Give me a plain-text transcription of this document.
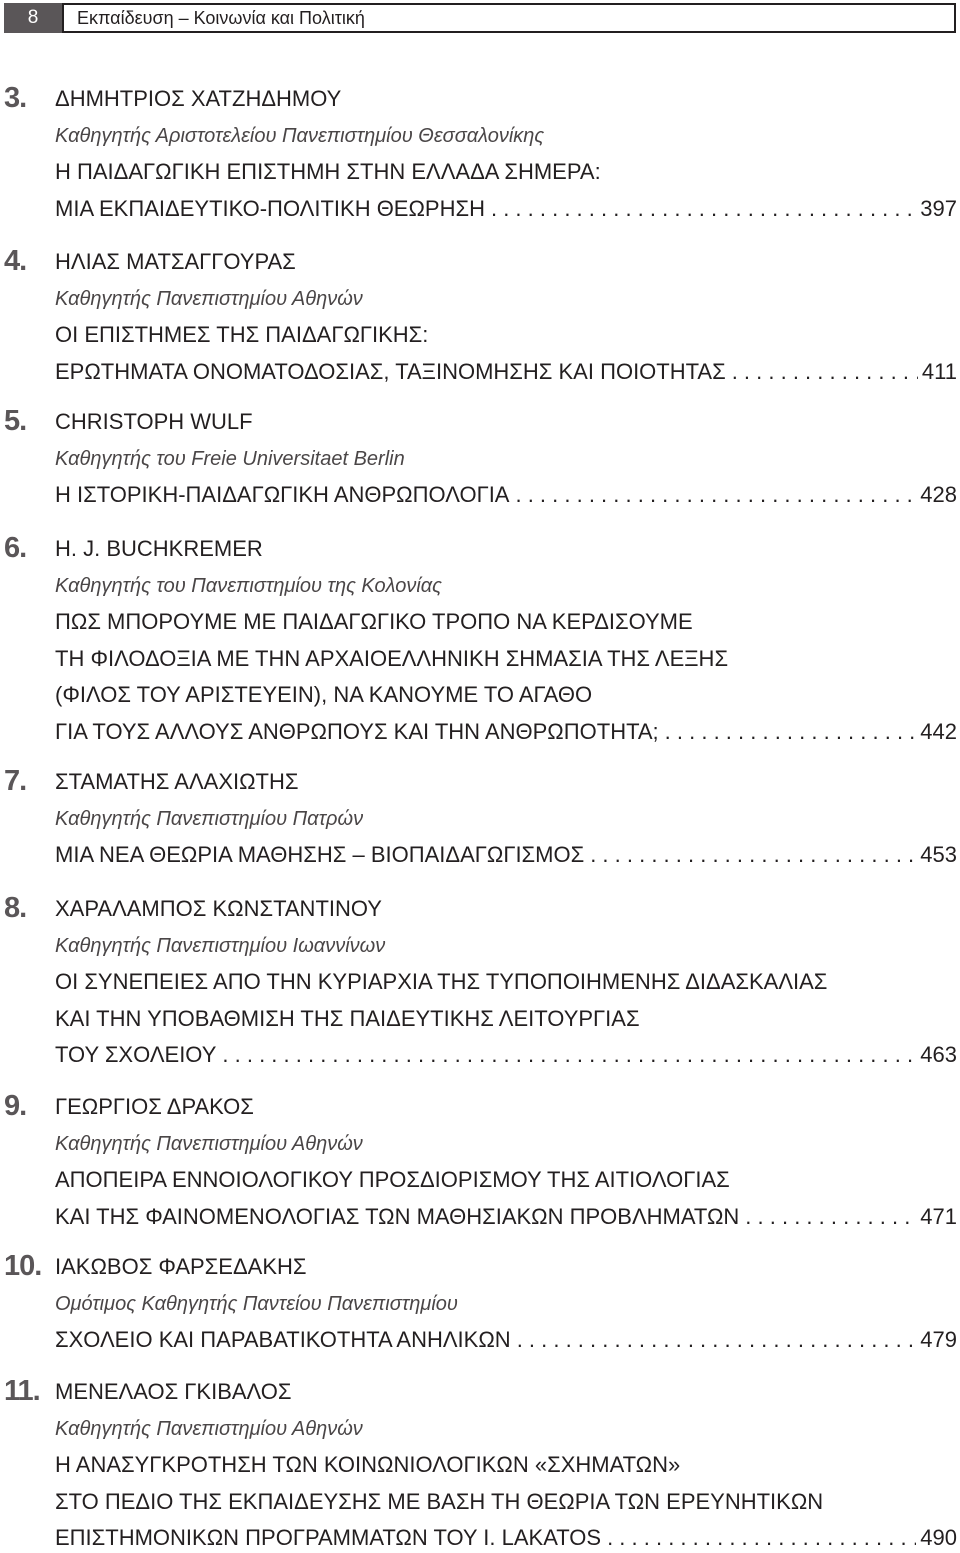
8	Εκπαίδευση – Κοινωνία και Πολιτική
3. ΔΗΜΗΤΡΙΟΣ ΧΑΤΖΗΔΗΜΟΥ
Καθηγητής Αριστοτελείου Πανεπιστημίου Θεσσαλονίκης
Η ΠΑΙΔΑΓΩΓΙΚΗ ΕΠΙΣΤΗΜΗ ΣΤΗΝ ΕΛΛΑΔΑ ΣΗΜΕΡΑ:
ΜΙΑ ΕΚΠΑΙΔΕΥΤΙΚΟ-ΠΟΛΙΤΙΚΗ ΘΕΩΡΗΣΗ . . .	397
4. ΗΛΙΑΣ ΜΑΤΣΑΓΓΟΥΡΑΣ
Καθηγητής Πανεπιστημίου Αθηνών
ΟΙ ΕΠΙΣΤΗΜΕΣ ΤΗΣ ΠΑΙΔΑΓΩΓΙΚΗΣ:
ΕΡΩΤΗΜΑΤΑ ΟΝΟΜΑΤΟΔΟΣΙΑΣ, ΤΑΞΙΝΟΜΗΣΗΣ ΚΑΙ ΠΟΙΟΤΗΤΑΣ . . .	411
5. CHRISTOPH WULF
Καθηγητής του Freie Universitaet Berlin
Η ΙΣΤΟΡΙΚΗ-ΠΑΙΔΑΓΩΓΙΚΗ ΑΝΘΡΩΠΟΛΟΓΙΑ . . .	428
6. H. J. BUCHKREMER
Καθηγητής του Πανεπιστημίου της Κολονίας
ΠΩΣ ΜΠΟΡΟΥΜΕ ΜΕ ΠΑΙΔΑΓΩΓΙΚΟ ΤΡΟΠΟ ΝΑ ΚΕΡΔΙΣΟΥΜΕ
ΤΗ ΦΙΛΟΔΟΞΙΑ ΜΕ ΤΗΝ ΑΡΧΑΙΟΕΛΛΗΝΙΚΗ ΣΗΜΑΣΙΑ ΤΗΣ ΛΕΞΗΣ
(ΦΙΛΟΣ ΤΟΥ ΑΡΙΣΤΕΥΕΙΝ), ΝΑ ΚΑΝΟΥΜΕ ΤΟ ΑΓΑΘΟ
ΓΙΑ ΤΟΥΣ ΑΛΛΟΥΣ ΑΝΘΡΩΠΟΥΣ ΚΑΙ ΤΗΝ ΑΝΘΡΩΠΟΤΗΤΑ; . . .	442
7. ΣΤΑΜΑΤΗΣ ΑΛΑΧΙΩΤΗΣ
Καθηγητής Πανεπιστημίου Πατρών
ΜΙΑ ΝΕΑ ΘΕΩΡΙΑ ΜΑΘΗΣΗΣ – ΒΙΟΠΑΙΔΑΓΩΓΙΣΜΟΣ . . .	453
8. ΧΑΡΑΛΑΜΠΟΣ ΚΩΝΣΤΑΝΤΙΝΟΥ
Καθηγητής Πανεπιστημίου Ιωαννίνων
ΟΙ ΣΥΝΕΠΕΙΕΣ ΑΠΟ ΤΗΝ ΚΥΡΙΑΡΧΙΑ ΤΗΣ ΤΥΠΟΠΟΙΗΜΕΝΗΣ ΔΙΔΑΣΚΑΛΙΑΣ
ΚΑΙ ΤΗΝ ΥΠΟΒΑΘΜΙΣΗ ΤΗΣ ΠΑΙΔΕΥΤΙΚΗΣ ΛΕΙΤΟΥΡΓΙΑΣ
ΤΟΥ ΣΧΟΛΕΙΟΥ . . .	463
9. ΓΕΩΡΓΙΟΣ ΔΡΑΚΟΣ
Καθηγητής Πανεπιστημίου Αθηνών
ΑΠΟΠΕΙΡΑ ΕΝΝΟΙΟΛΟΓΙΚΟΥ ΠΡΟΣΔΙΟΡΙΣΜΟΥ ΤΗΣ ΑΙΤΙΟΛΟΓΙΑΣ
ΚΑΙ ΤΗΣ ΦΑΙΝΟΜΕΝΟΛΟΓΙΑΣ ΤΩΝ ΜΑΘΗΣΙΑΚΩΝ ΠΡΟΒΛΗΜΑΤΩΝ . . .	471
10. ΙΑΚΩΒΟΣ ΦΑΡΣΕΔΑΚΗΣ
Ομότιμος Καθηγητής Παντείου Πανεπιστημίου
ΣΧΟΛΕΙΟ ΚΑΙ ΠΑΡΑΒΑΤΙΚΟΤΗΤΑ ΑΝΗΛΙΚΩΝ . . .	479
11. ΜΕΝΕΛΑΟΣ ΓΚΙΒΑΛΟΣ
Καθηγητής Πανεπιστημίου Αθηνών
Η ΑΝΑΣΥΓΚΡΟΤΗΣΗ ΤΩΝ ΚΟΙΝΩΝΙΟΛΟΓΙΚΩΝ «ΣΧΗΜΑΤΩΝ»
ΣΤΟ ΠΕΔΙΟ ΤΗΣ ΕΚΠΑΙΔΕΥΣΗΣ ΜΕ ΒΑΣΗ ΤΗ ΘΕΩΡΙΑ ΤΩΝ ΕΡΕΥΝΗΤΙΚΩΝ
ΕΠΙΣΤΗΜΟΝΙΚΩΝ ΠΡΟΓΡΑΜΜΑΤΩΝ ΤΟΥ I. LAKATOS . . .	490
